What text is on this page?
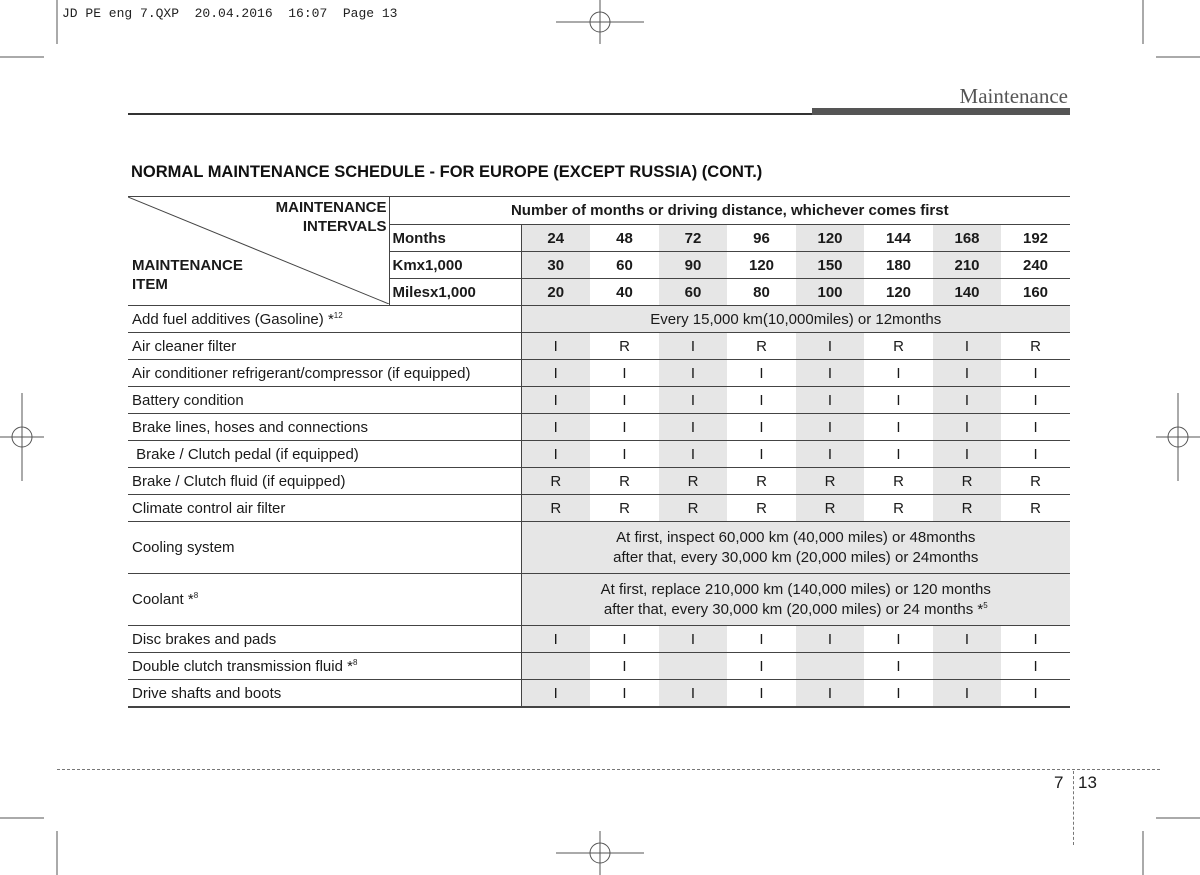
JD PE eng 7.QXP  20.04.2016  16:07  Page 13
Maintenance
NORMAL MAINTENANCE SCHEDULE - FOR EUROPE (EXCEPT RUSSIA) (CONT.)
MAINTENANCE
INTERVALS
MAINTENANCE
ITEM	Number of months or driving distance, whichever comes first								
	Months	24	48	72	96	120	144	168	192
	Kmx1,000	30	60	90	120	150	180	210	240
	Milesx1,000	20	40	60	80	100	120	140	160
Add fuel additives (Gasoline) *$^{12}$		Every 15,000 km(10,000miles) or 12months							
Air cleaner filter		I	R	I	R	I	R	I	R
Air conditioner refrigerant/compressor (if equipped)		I	I	I	I	I	I	I	I
Battery condition		I	I	I	I	I	I	I	I
Brake lines, hoses and connections		I	I	I	I	I	I	I	I
Brake / Clutch pedal (if equipped)		I	I	I	I	I	I	I	I
Brake / Clutch fluid (if equipped)		R	R	R	R	R	R	R	R
Climate control air filter		R	R	R	R	R	R	R	R
Cooling system		At first, inspect 60,000 km (40,000 miles) or 48months
after that, every 30,000 km (20,000 miles) or 24months							
Coolant *$^8$		At first, replace 210,000 km (140,000 miles) or 120 months
after that, every 30,000 km (20,000 miles) or 24 months *$^5$
Disc brakes and pads		I	I	I	I	I	I	I	I
Double clutch transmission fluid *$^8$			I		I		I		I
Drive shafts and boots		I	I	I	I	I	I	I	I
7 13
